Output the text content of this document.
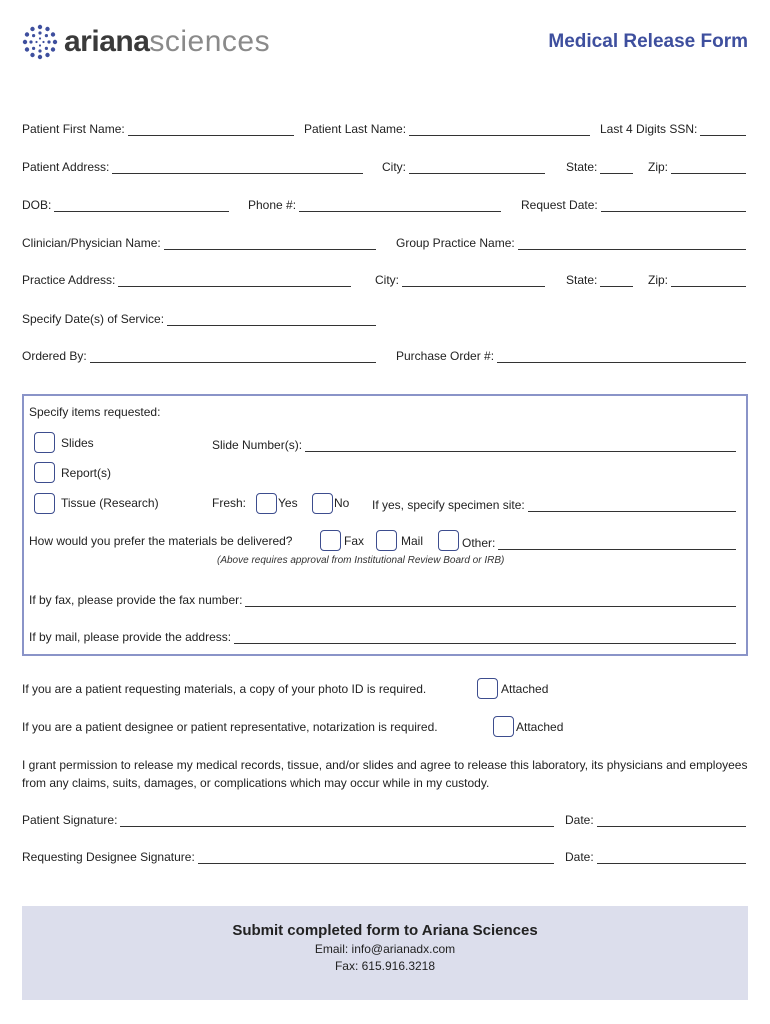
ariana sciences	Medical Release Form
Patient First Name:	Patient Last Name:	Last 4 Digits SSN:
Patient Address:	City:	State:	Zip:
DOB:	Phone #:	Request Date:
Clinician/Physician Name:	Group Practice Name:
Practice Address:	City:	State:	Zip:
Specify Date(s) of Service:
Ordered By:	Purchase Order #:
Specify items requested:
Slides	Slide Number(s):
Report(s)
Tissue (Research)	Fresh:	Yes	No If yes, specify specimen site:
How would you prefer the materials be delivered?	Fax	Mail	Other:
(Above requires approval from Institutional Review Board or IRB)
If by fax, please provide the fax number:
If by mail, please provide the address:
If you are a patient requesting materials, a copy of your photo ID is required.	Attached
If you are a patient designee or patient representative, notarization is required.	Attached
I grant permission to release my medical records, tissue, and/or slides and agree to release this laboratory, its physicians and employees from any claims, suits, damages, or complications which may occur while in my custody.
Patient Signature:	Date:
Requesting Designee Signature:	Date:
Submit completed form to Ariana Sciences
Email: info@arianadx.com
Fax: 615.916.3218
